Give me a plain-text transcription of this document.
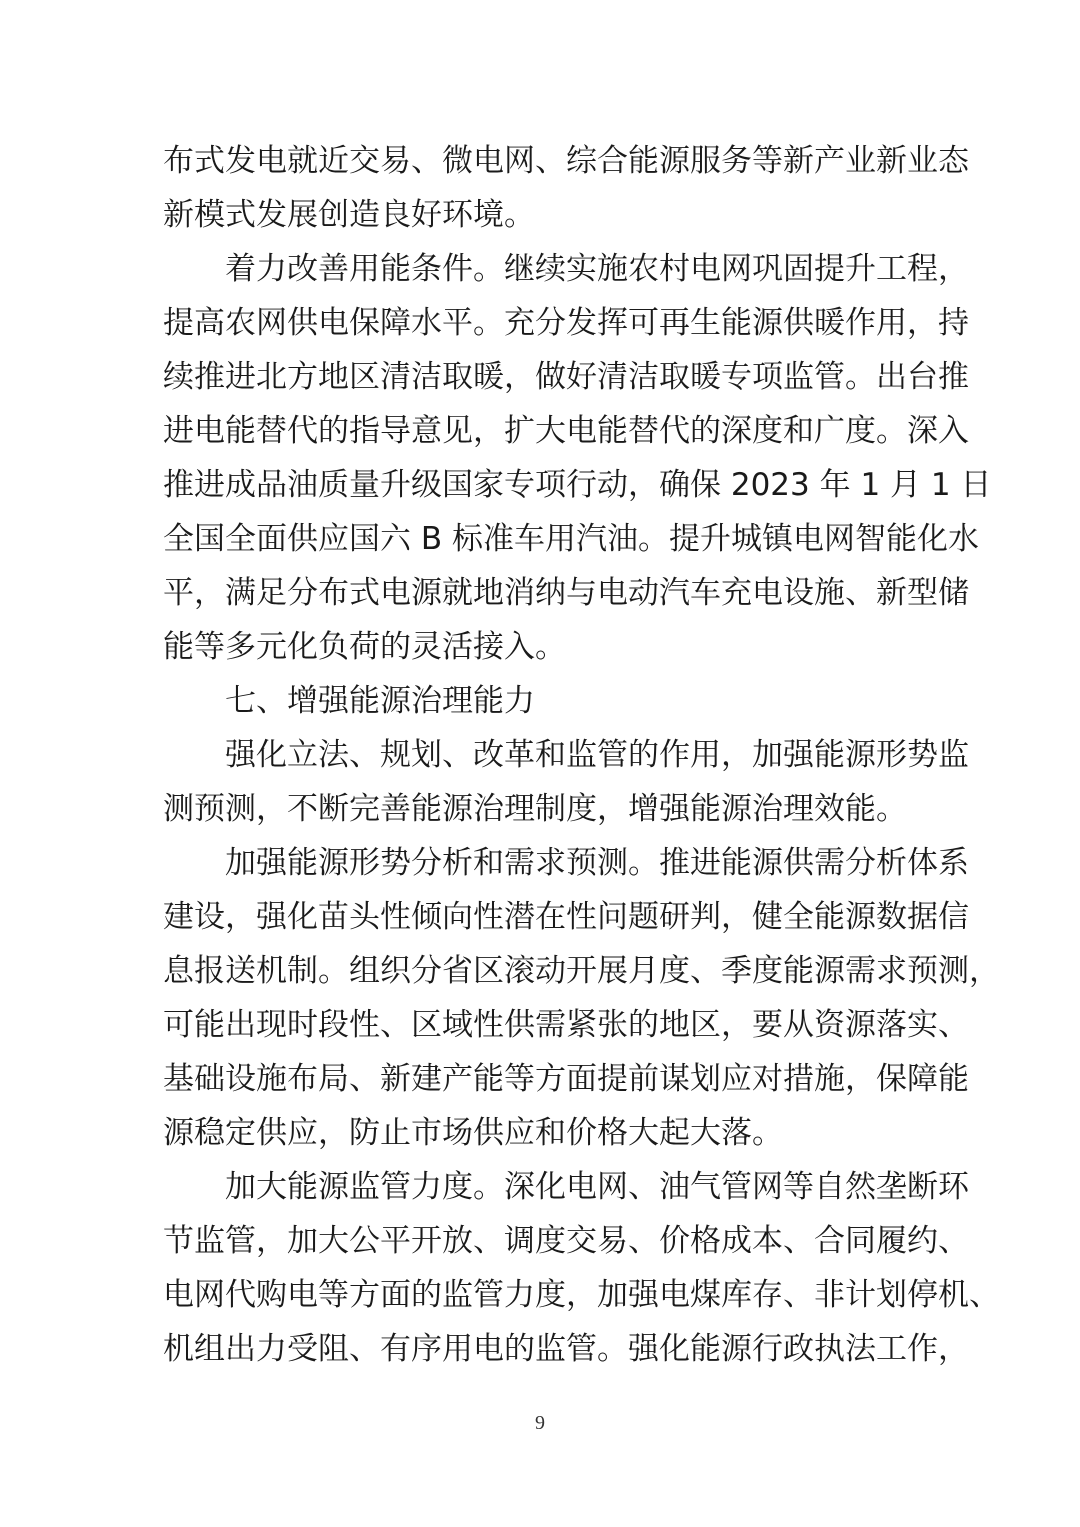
布式发电就近交易、微电网、综合能源服务等新产业新业态
新模式发展创造良好环境。
着力改善用能条件。继续实施农村电网巩固提升工程，
提高农网供电保障水平。充分发挥可再生能源供暖作用，持
续推进北方地区清洁取暖，做好清洁取暖专项监管。出台推
进电能替代的指导意见，扩大电能替代的深度和广度。深入
推进成品油质量升级国家专项行动，确保 2023 年 1 月 1 日
全国全面供应国六 B 标准车用汽油。提升城镇电网智能化水
平，满足分布式电源就地消纳与电动汽车充电设施、新型储
能等多元化负荷的灵活接入。
七、增强能源治理能力
强化立法、规划、改革和监管的作用，加强能源形势监
测预测，不断完善能源治理制度，增强能源治理效能。
加强能源形势分析和需求预测。推进能源供需分析体系
建设，强化苗头性倾向性潜在性问题研判，健全能源数据信
息报送机制。组织分省区滚动开展月度、季度能源需求预测，
可能出现时段性、区域性供需紧张的地区，要从资源落实、
基础设施布局、新建产能等方面提前谋划应对措施，保障能
源稳定供应，防止市场供应和价格大起大落。
加大能源监管力度。深化电网、油气管网等自然垄断环
节监管，加大公平开放、调度交易、价格成本、合同履约、
电网代购电等方面的监管力度，加强电煤库存、非计划停机、
机组出力受阻、有序用电的监管。强化能源行政执法工作，
9
